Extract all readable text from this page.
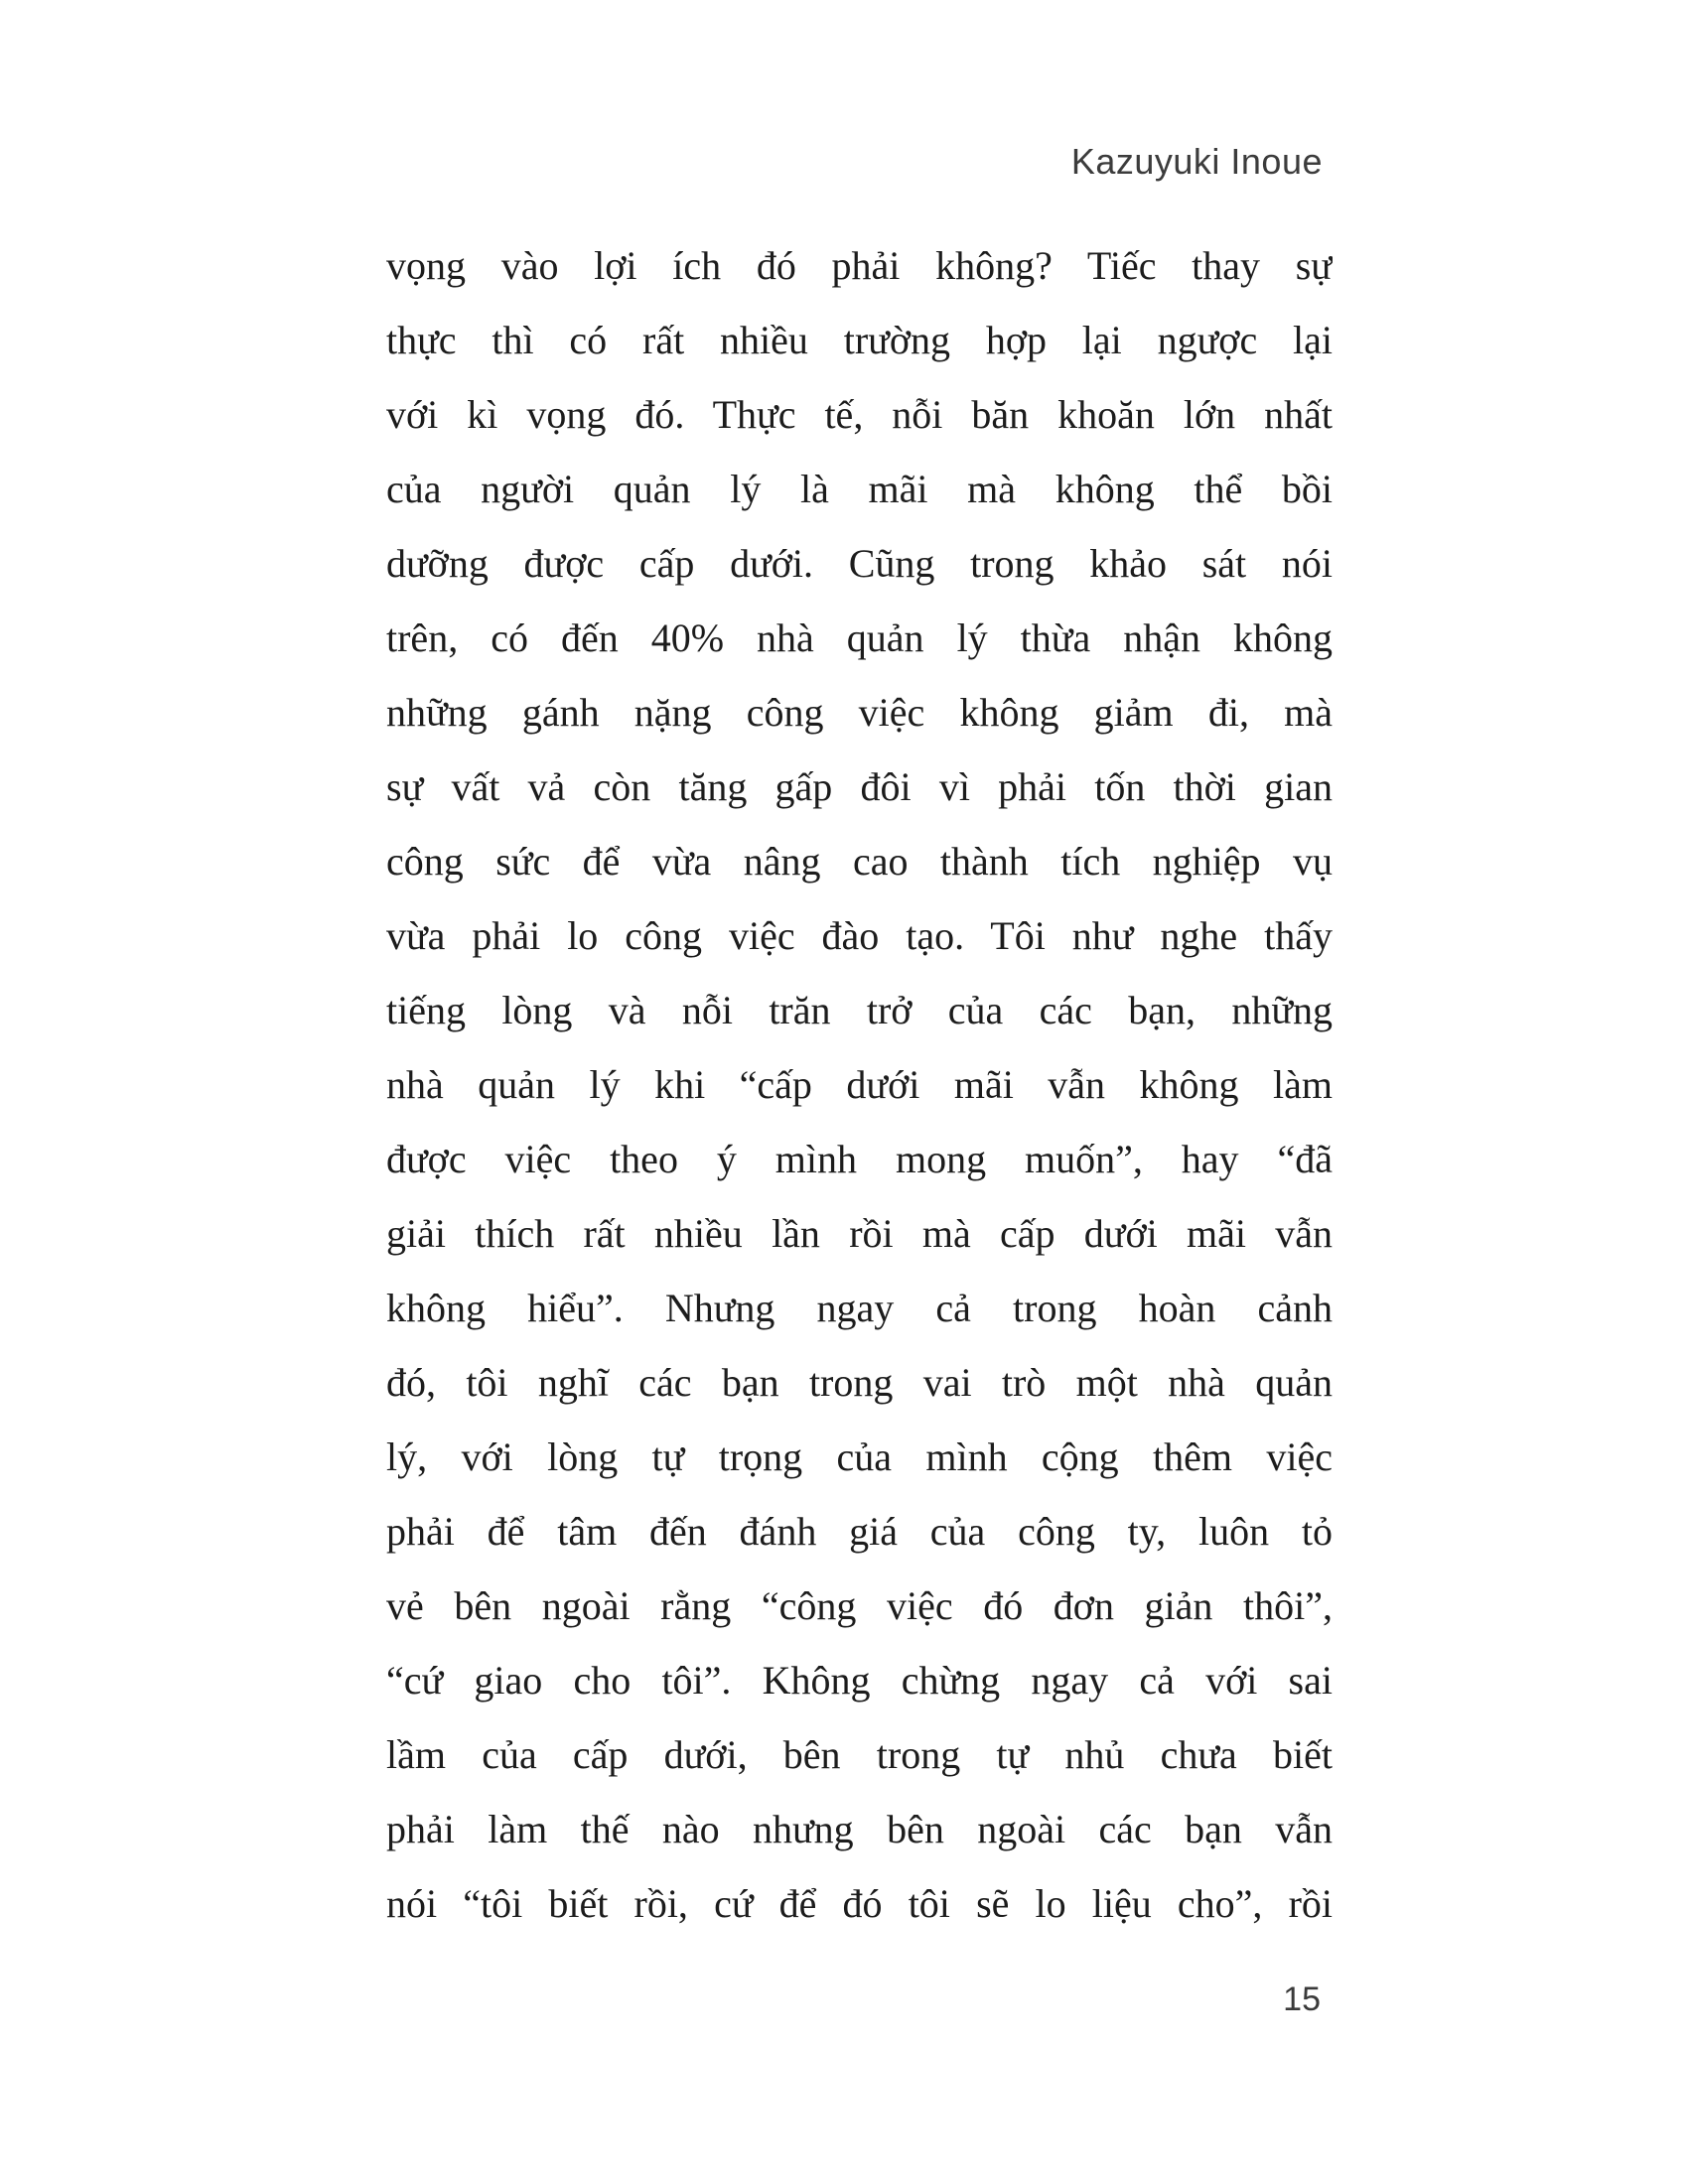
Kazuyuki Inoue
vọng vào lợi ích đó phải không? Tiếc thay sự
thực thì có rất nhiều trường hợp lại ngược lại
với kì vọng đó. Thực tế, nỗi băn khoăn lớn nhất
của người quản lý là mãi mà không thể bồi
dưỡng được cấp dưới. Cũng trong khảo sát nói
trên, có đến 40% nhà quản lý thừa nhận không
những gánh nặng công việc không giảm đi, mà
sự vất vả còn tăng gấp đôi vì phải tốn thời gian
công sức để vừa nâng cao thành tích nghiệp vụ
vừa phải lo công việc đào tạo. Tôi như nghe thấy
tiếng lòng và nỗi trăn trở của các bạn, những
nhà quản lý khi “cấp dưới mãi vẫn không làm
được việc theo ý mình mong muốn”, hay “đã
giải thích rất nhiều lần rồi mà cấp dưới mãi vẫn
không hiểu”. Nhưng ngay cả trong hoàn cảnh
đó, tôi nghĩ các bạn trong vai trò một nhà quản
lý, với lòng tự trọng của mình cộng thêm việc
phải để tâm đến đánh giá của công ty, luôn tỏ
vẻ bên ngoài rằng “công việc đó đơn giản thôi”,
“cứ giao cho tôi”. Không chừng ngay cả với sai
lầm của cấp dưới, bên trong tự nhủ chưa biết
phải làm thế nào nhưng bên ngoài các bạn vẫn
nói “tôi biết rồi, cứ để đó tôi sẽ lo liệu cho”, rồi
15
